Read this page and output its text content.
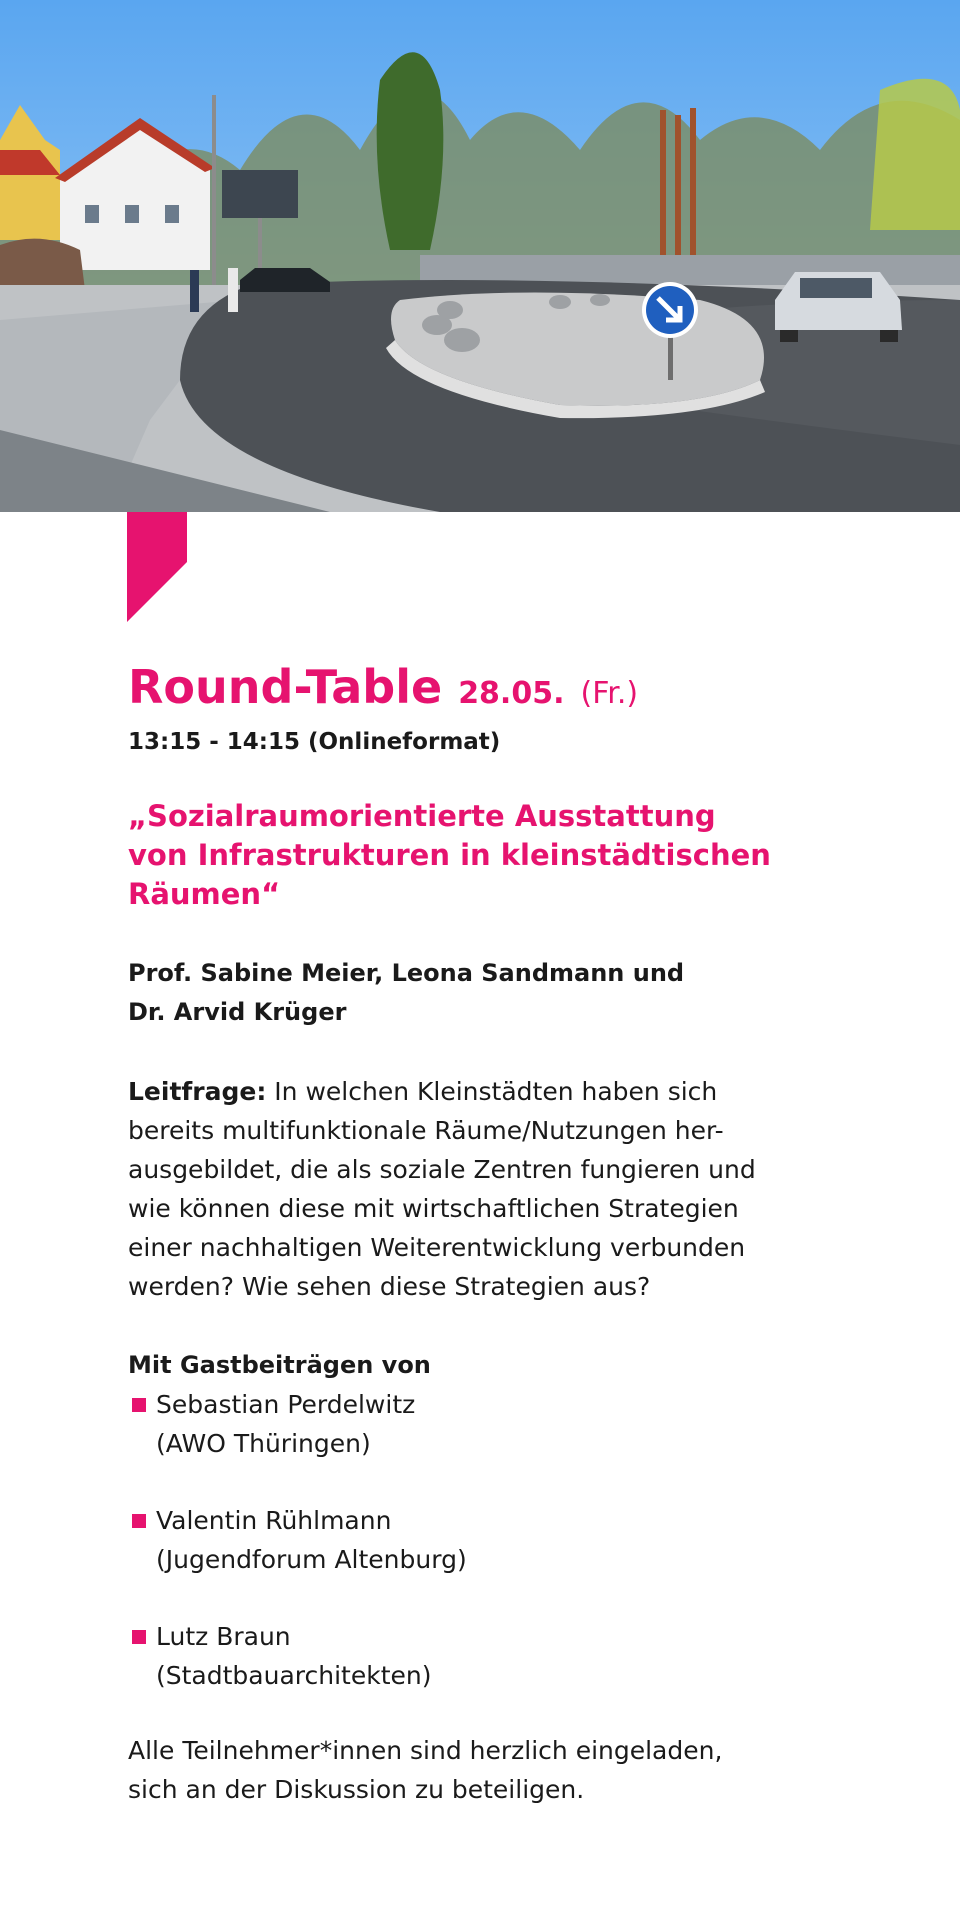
Round-Table 28.05. (Fr.)
13:15 - 14:15 (Onlineformat)
„Sozialraumorientierte Ausstattung
von Infrastrukturen in kleinstädtischen
Räumen“
Prof. Sabine Meier, Leona Sandmann und
Dr. Arvid Krüger
Leitfrage: In welchen Kleinstädten haben sich
bereits multifunktionale Räume/Nutzungen her-
ausgebildet, die als soziale Zentren fungieren und
wie können diese mit wirtschaftlichen Strategien
einer nachhaltigen Weiterentwicklung verbunden
werden? Wie sehen diese Strategien aus?
Mit Gastbeiträgen von
Sebastian Perdelwitz
(AWO Thüringen)
Valentin Rühlmann
(Jugendforum Altenburg)
Lutz Braun
(Stadtbauarchitekten)
Alle Teilnehmer*innen sind herzlich eingeladen,
sich an der Diskussion zu beteiligen.
